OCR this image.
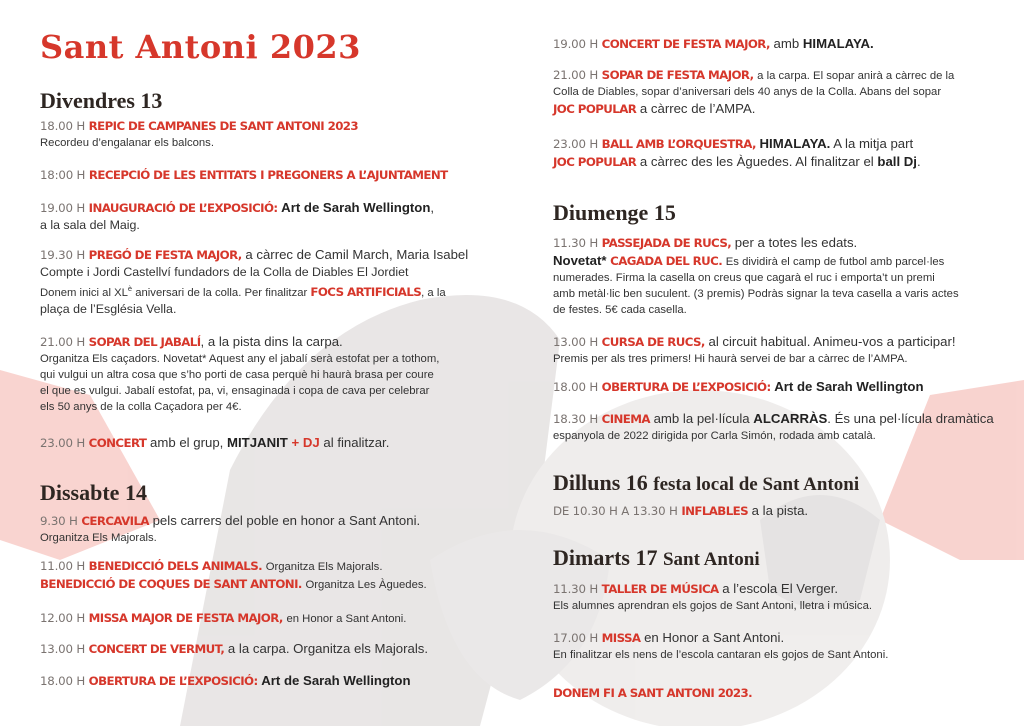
Sant Antoni 2023
Divendres 13
18.00 H REPIC DE CAMPANES DE SANT ANTONI 2023
Recordeu d’engalanar els balcons.
18:00 H RECEPCIÓ DE LES ENTITATS I PREGONERS A L’AJUNTAMENT
19.00 H INAUGURACIÓ DE L’EXPOSICIÓ: Art de Sarah Wellington,
a la sala del Maig.
19.30 H PREGÓ DE FESTA MAJOR, a càrrec de Camil March, Maria Isabel
Compte i Jordi Castellví fundadors de la Colla de Diables El Jordiet
Donem inici al $XL^è$ aniversari de la colla. Per finalitzar FOCS ARTIFICIALS, a la
plaça de l’Església Vella.
21.00 H SOPAR DEL JABALÍ, a la pista dins la carpa.
Organitza Els caçadors. Novetat* Aquest any el jabalí serà estofat per a tothom,
qui vulgui un altra cosa que s’ho porti de casa perquè hi haurà brasa per coure
el que es vulgui. Jabalí estofat, pa, vi, ensaginada i copa de cava per celebrar
els 50 anys de la colla Caçadora per 4€.
23.00 H CONCERT amb el grup, MITJANIT + DJ al finalitzar.
Dissabte 14
9.30 H CERCAVILA pels carrers del poble en honor a Sant Antoni.
Organitza Els Majorals.
11.00 H BENEDICCIÓ DELS ANIMALS. Organitza Els Majorals.
BENEDICCIÓ DE COQUES DE SANT ANTONI. Organitza Les Àguedes.
12.00 H MISSA MAJOR DE FESTA MAJOR, en Honor a Sant Antoni.
13.00 H CONCERT DE VERMUT, a la carpa. Organitza els Majorals.
18.00 H OBERTURA DE L’EXPOSICIÓ: Art de Sarah Wellington
19.00 H CONCERT DE FESTA MAJOR, amb HIMALAYA.
21.00 H SOPAR DE FESTA MAJOR, a la carpa. El sopar anirà a càrrec de la
Colla de Diables, sopar d’aniversari dels 40 anys de la Colla. Abans del sopar
JOC POPULAR a càrrec de l’AMPA.
23.00 H BALL AMB L’ORQUESTRA, HIMALAYA. A la mitja part
JOC POPULAR a càrrec des les Àguedes. Al finalitzar el ball Dj.
Diumenge 15
11.30 H PASSEJADA DE RUCS, per a totes les edats.
Novetat* CAGADA DEL RUC. Es dividirà el camp de futbol amb parcel·les
numerades. Firma la casella on creus que cagarà el ruc i emporta’t un premi
amb metàl·lic ben suculent. (3 premis) Podràs signar la teva casella a varis actes
de festes. 5€ cada casella.
13.00 H CURSA DE RUCS, al circuit habitual. Animeu-vos a participar!
Premis per als tres primers! Hi haurà servei de bar a càrrec de l’AMPA.
18.00 H OBERTURA DE L’EXPOSICIÓ: Art de Sarah Wellington
18.30 H CINEMA amb la pel·lícula ALCARRÀS. És una pel·lícula dramàtica
espanyola de 2022 dirigida por Carla Simón, rodada amb català.
Dilluns 16 festa local de Sant Antoni
DE 10.30 H A 13.30 H INFLABLES a la pista.
Dimarts 17 Sant Antoni
11.30 H TALLER DE MÚSICA a l’escola El Verger.
Els alumnes aprendran els gojos de Sant Antoni, lletra i música.
17.00 H MISSA en Honor a Sant Antoni.
En finalitzar els nens de l’escola cantaran els gojos de Sant Antoni.
DONEM FI A SANT ANTONI 2023.
